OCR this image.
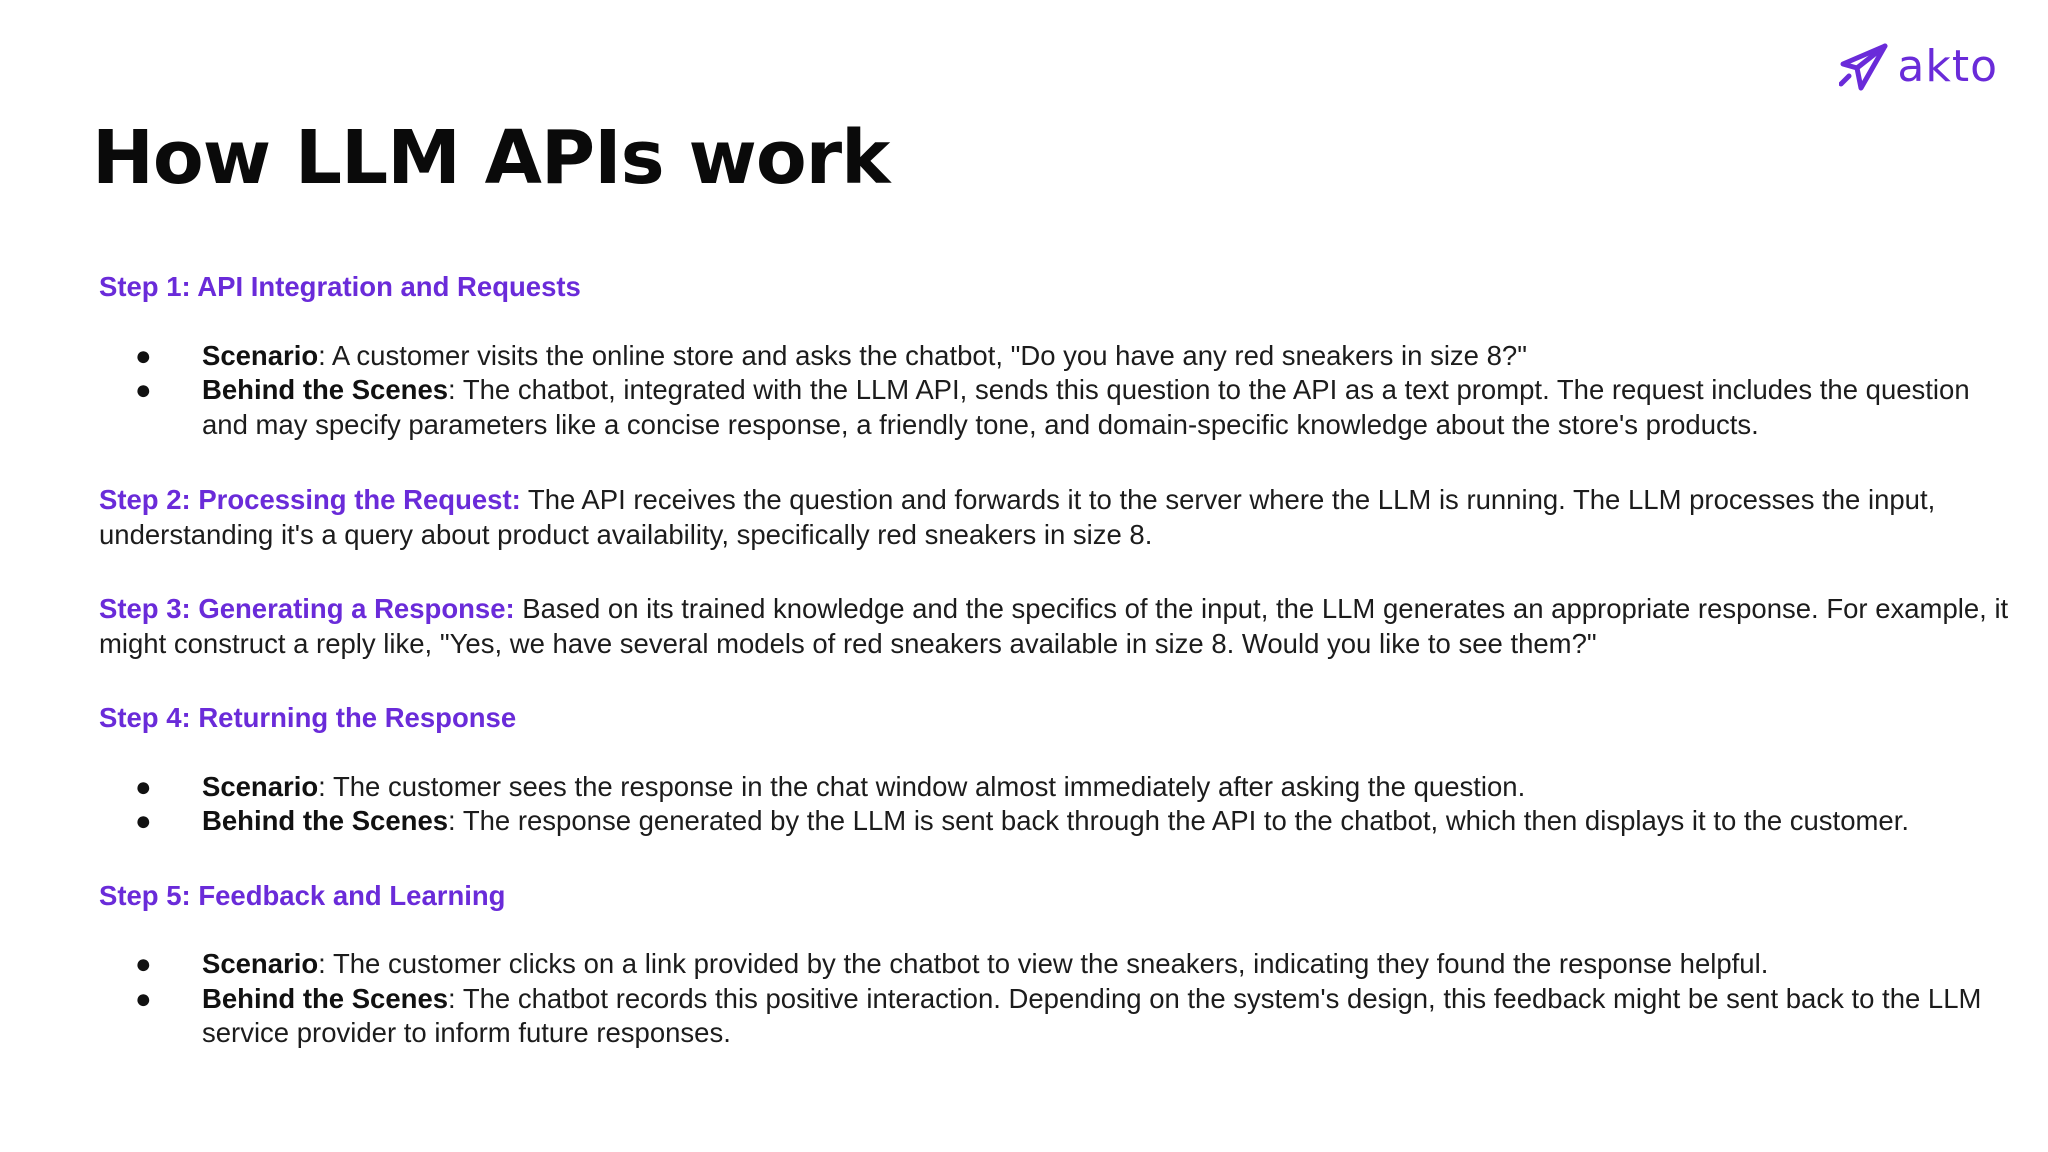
akto
How LLM APIs work

Step 1: API Integration and Requests

● Scenario: A customer visits the online store and asks the chatbot, "Do you have any red sneakers in size 8?"
● Behind the Scenes: The chatbot, integrated with the LLM API, sends this question to the API as a text prompt. The request includes the question and may specify parameters like a concise response, a friendly tone, and domain-specific knowledge about the store's products.

Step 2: Processing the Request: The API receives the question and forwards it to the server where the LLM is running. The LLM processes the input, understanding it's a query about product availability, specifically red sneakers in size 8.

Step 3: Generating a Response: Based on its trained knowledge and the specifics of the input, the LLM generates an appropriate response. For example, it might construct a reply like, "Yes, we have several models of red sneakers available in size 8. Would you like to see them?"

Step 4: Returning the Response

● Scenario: The customer sees the response in the chat window almost immediately after asking the question.
● Behind the Scenes: The response generated by the LLM is sent back through the API to the chatbot, which then displays it to the customer.

Step 5: Feedback and Learning

● Scenario: The customer clicks on a link provided by the chatbot to view the sneakers, indicating they found the response helpful.
● Behind the Scenes: The chatbot records this positive interaction. Depending on the system's design, this feedback might be sent back to the LLM service provider to inform future responses.
